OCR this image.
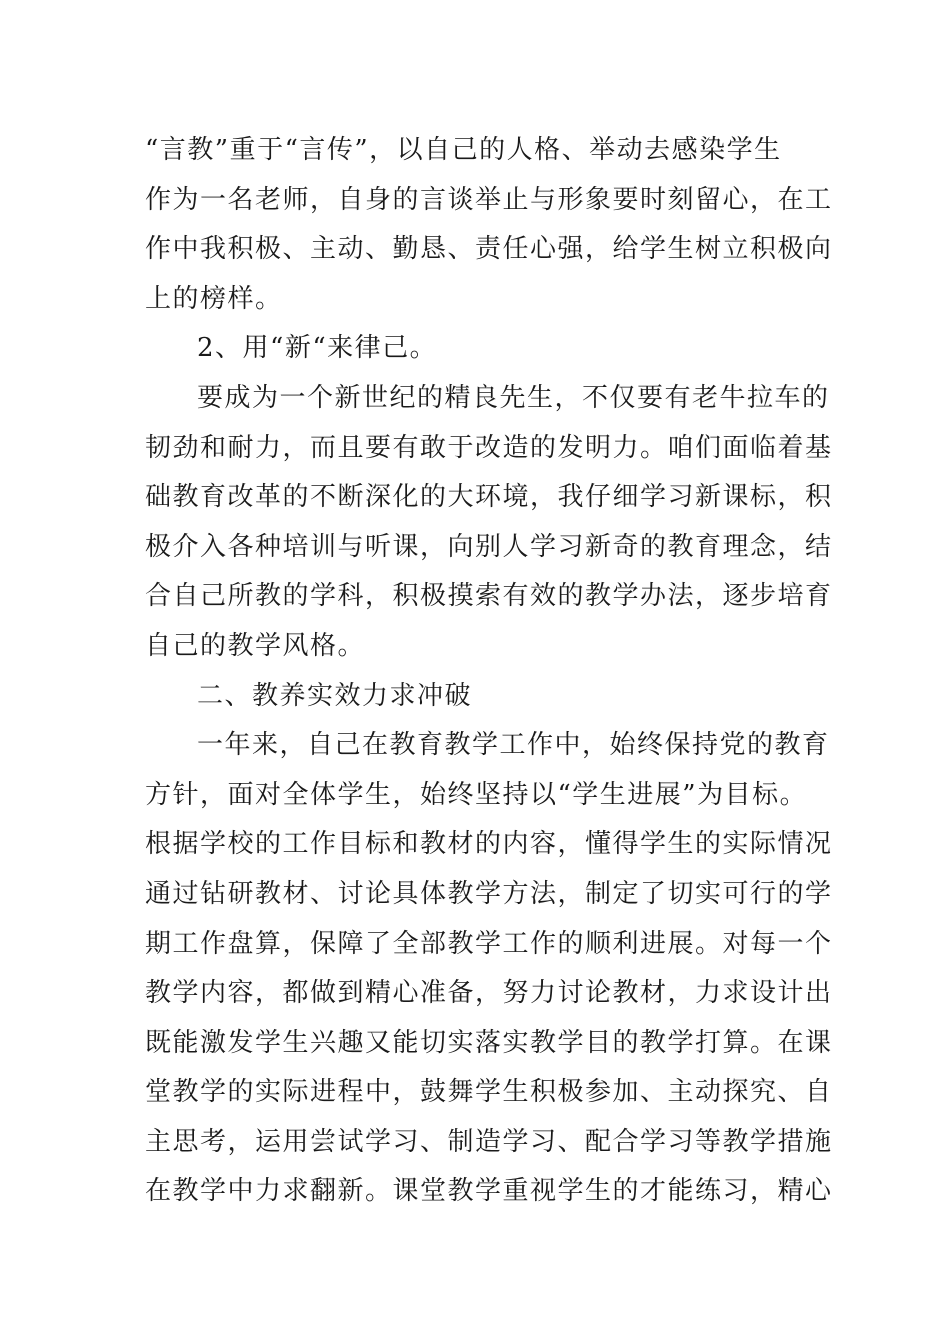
“言教”重于“言传”，以自己的人格、举动去感染学生
作为一名老师，自身的言谈举止与形象要时刻留心，在工
作中我积极、主动、勤恳、责任心强，给学生树立积极向
上的榜样。
2、用“新“来律己。
要成为一个新世纪的精良先生，不仅要有老牛拉车的
韧劲和耐力，而且要有敢于改造的发明力。咱们面临着基
础教育改革的不断深化的大环境，我仔细学习新课标，积
极介入各种培训与听课，向别人学习新奇的教育理念，结
合自己所教的学科，积极摸索有效的教学办法，逐步培育
自己的教学风格。
二、教养实效力求冲破
一年来，自己在教育教学工作中，始终保持党的教育
方针，面对全体学生，始终坚持以“学生进展”为目标。
根据学校的工作目标和教材的内容，懂得学生的实际情况
通过钻研教材、讨论具体教学方法，制定了切实可行的学
期工作盘算，保障了全部教学工作的顺利进展。对每一个
教学内容，都做到精心准备，努力讨论教材，力求设计出
既能激发学生兴趣又能切实落实教学目的教学打算。在课
堂教学的实际进程中，鼓舞学生积极参加、主动探究、自
主思考，运用尝试学习、制造学习、配合学习等教学措施
在教学中力求翻新。课堂教学重视学生的才能练习，精心
